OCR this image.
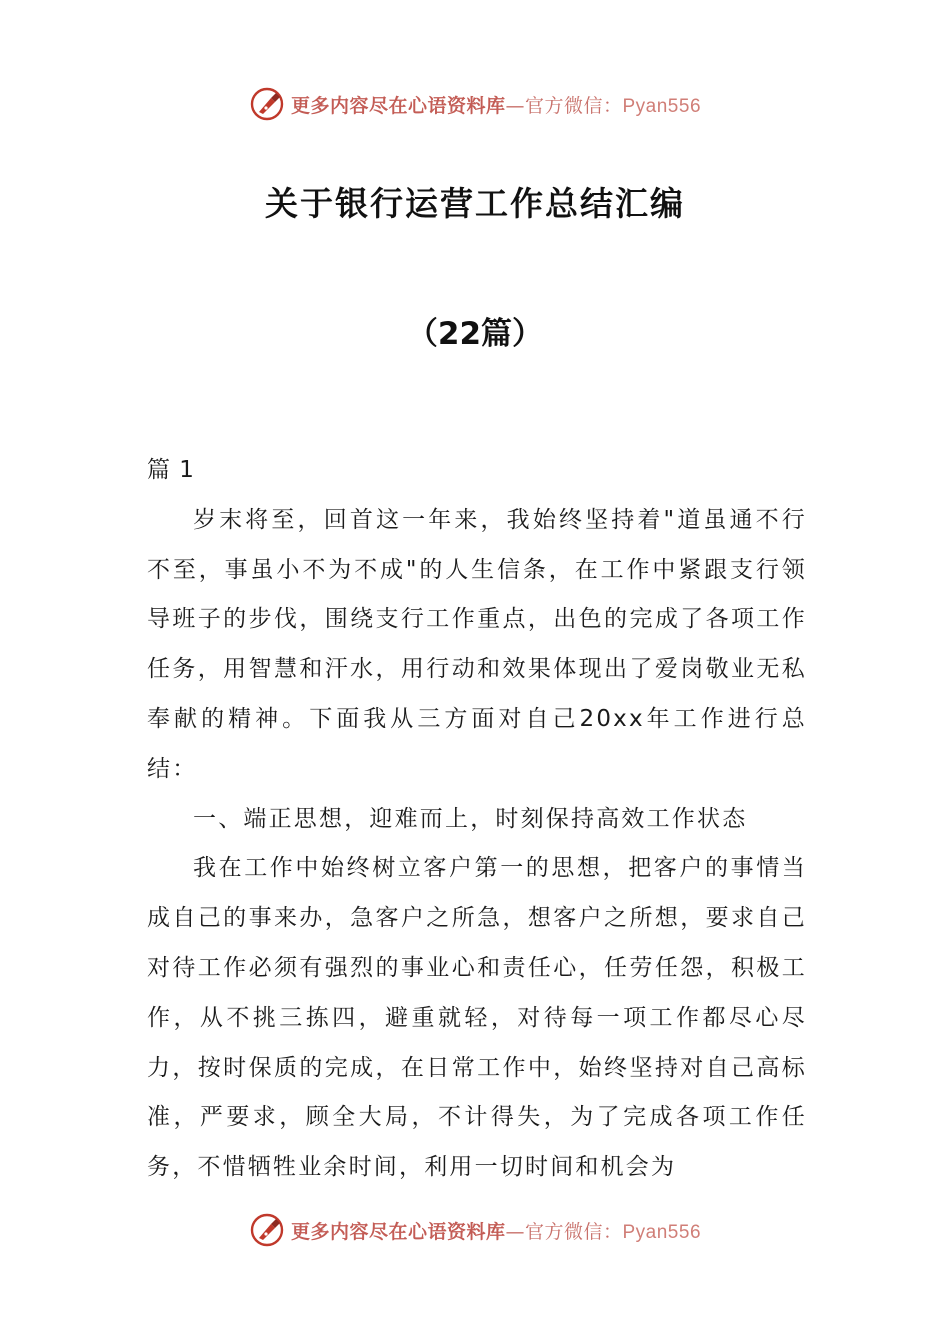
更多内容尽在心语资料库—官方微信：Pyan556
关于银行运营工作总结汇编
（22篇）

篇 1

岁末将至，回首这一年来，我始终坚持着"道虽通不行不至，事虽小不为不成"的人生信条，在工作中紧跟支行领导班子的步伐，围绕支行工作重点，出色的完成了各项工作任务，用智慧和汗水，用行动和效果体现出了爱岗敬业无私奉献的精神。下面我从三方面对自己20xx年工作进行总结：

一、端正思想，迎难而上，时刻保持高效工作状态

我在工作中始终树立客户第一的思想，把客户的事情当成自己的事来办，急客户之所急，想客户之所想，要求自己对待工作必须有强烈的事业心和责任心，任劳任怨，积极工作，从不挑三拣四，避重就轻，对待每一项工作都尽心尽力，按时保质的完成，在日常工作中，始终坚持对自己高标准，严要求，顾全大局，不计得失，为了完成各项工作任务，不惜牺牲业余时间，利用一切时间和机会为

更多内容尽在心语资料库—官方微信：Pyan556
